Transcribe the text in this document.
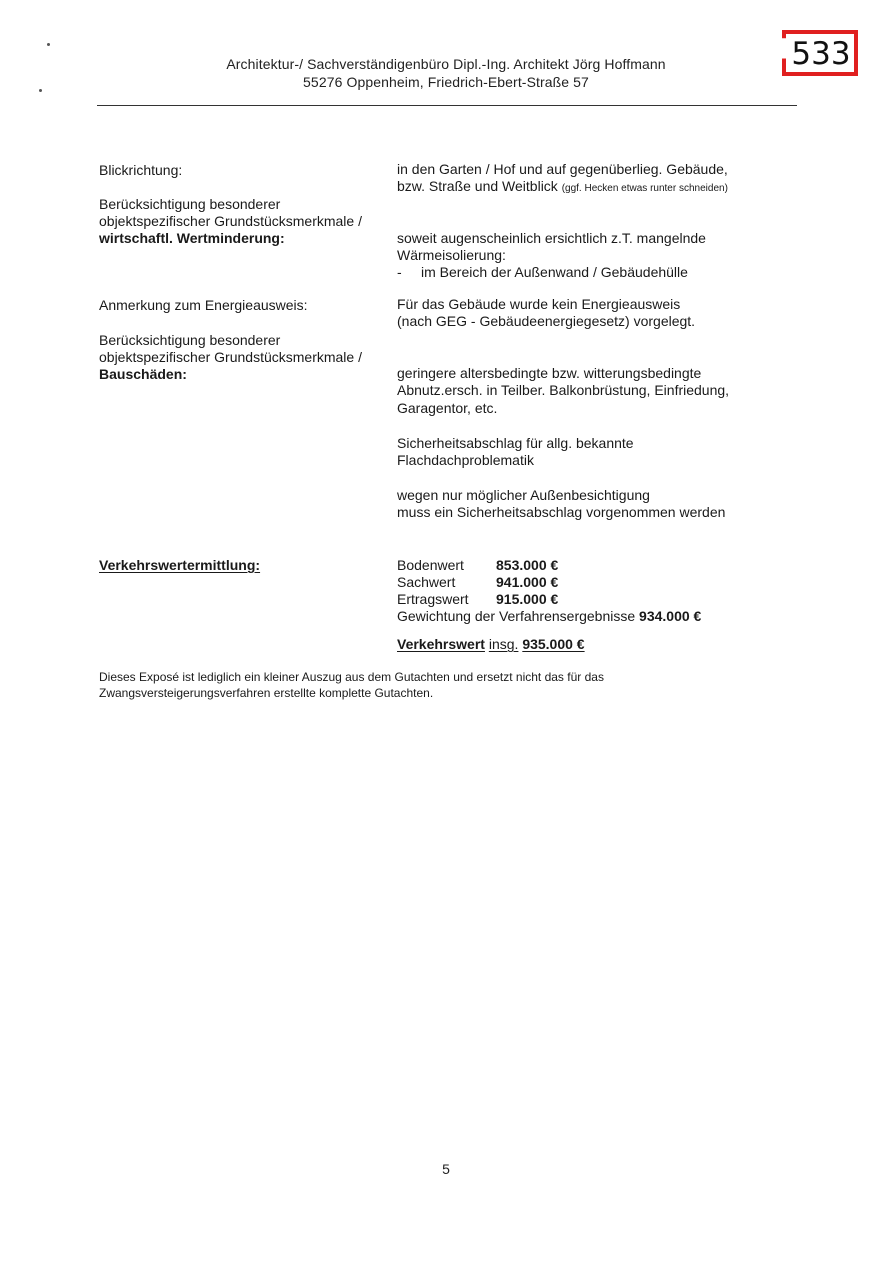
Architektur-/ Sachverständigenbüro Dipl.-Ing. Architekt Jörg Hoffmann
55276 Oppenheim, Friedrich-Ebert-Straße 57
533
Blickrichtung:	in den Garten / Hof und auf gegenüberlieg. Gebäude,
bzw. Straße und Weitblick (ggf. Hecken etwas runter schneiden)
Berücksichtigung besonderer
objektspezifischer Grundstücksmerkmale /
wirtschaftl. Wertminderung:	soweit augenscheinlich ersichtlich z.T. mangelnde
Wärmeisolierung:
- im Bereich der Außenwand / Gebäudehülle
Anmerkung zum Energieausweis:	Für das Gebäude wurde kein Energieausweis
(nach GEG - Gebäudeenergiegesetz) vorgelegt.
Berücksichtigung besonderer
objektspezifischer Grundstücksmerkmale /
Bauschäden:	geringere altersbedingte bzw. witterungsbedingte
Abnutz.ersch. in Teilber. Balkonbrüstung, Einfriedung,
Garagentor, etc.
Sicherheitsabschlag für allg. bekannte
Flachdachproblematik
wegen nur möglicher Außenbesichtigung
muss ein Sicherheitsabschlag vorgenommen werden
Verkehrswertermittlung:	Bodenwert 853.000 €
Sachwert	941.000 €
Ertragswert 915.000 €
Gewichtung der Verfahrensergebnisse 934.000 €
Verkehrswert insg. 935.000 €
Dieses Exposé ist lediglich ein kleiner Auszug aus dem Gutachten und ersetzt nicht das für das
Zwangsversteigerungsverfahren erstellte komplette Gutachten.
5
